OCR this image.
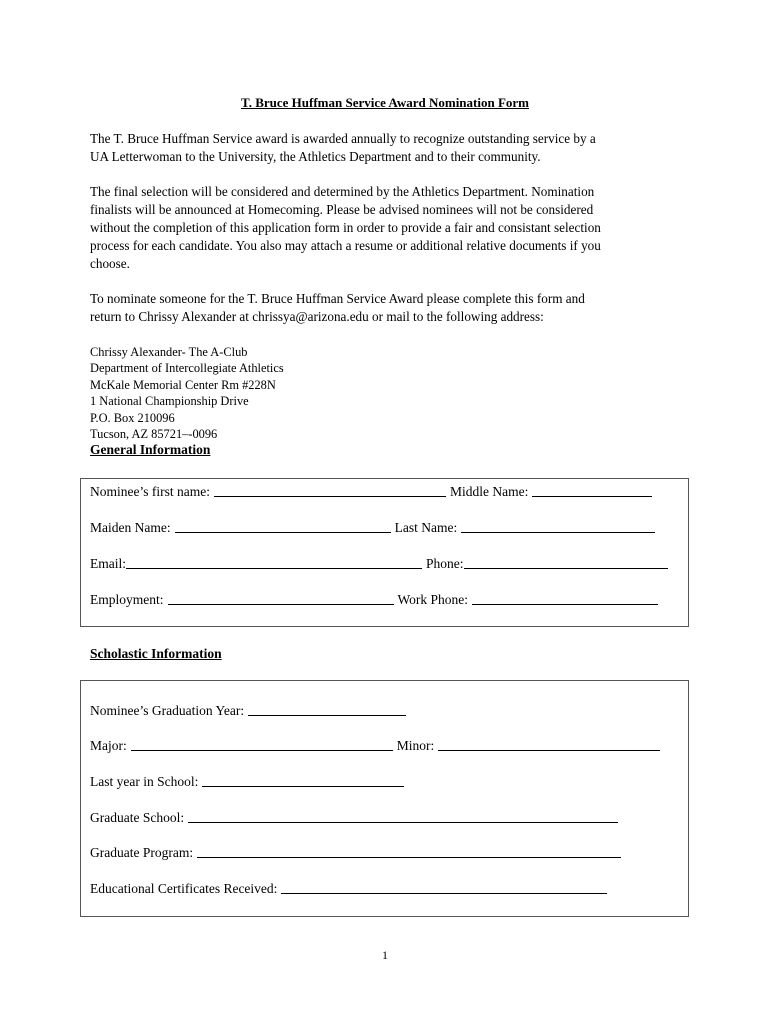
T. Bruce Huffman Service Award Nomination Form
The T. Bruce Huffman Service award is awarded annually to recognize outstanding service by a
UA Letterwoman to the University, the Athletics Department and to their community.
The final selection will be considered and determined by the Athletics Department. Nomination
finalists will be announced at Homecoming. Please be advised nominees will not be considered
without the completion of this application form in order to provide a fair and consistant selection
process for each candidate. You also may attach a resume or additional relative documents if you
choose.
To nominate someone for the T. Bruce Huffman Service Award please complete this form and
return to Chrissy Alexander at chrissya@arizona.edu or mail to the following address:
Chrissy Alexander- The A-Club
Department of Intercollegiate Athletics
McKale Memorial Center Rm #228N
1 National Championship Drive
P.O. Box 210096
Tucson, AZ 85721–-0096
General Information
Nominee’s first name:	Middle Name:
Maiden Name:	Last Name:
Email:	Phone:
Employment:	Work Phone:
Scholastic Information
Nominee’s Graduation Year:
Major:	Minor:
Last year in School:
Graduate School:
Graduate Program:
Educational Certificates Received:
1
